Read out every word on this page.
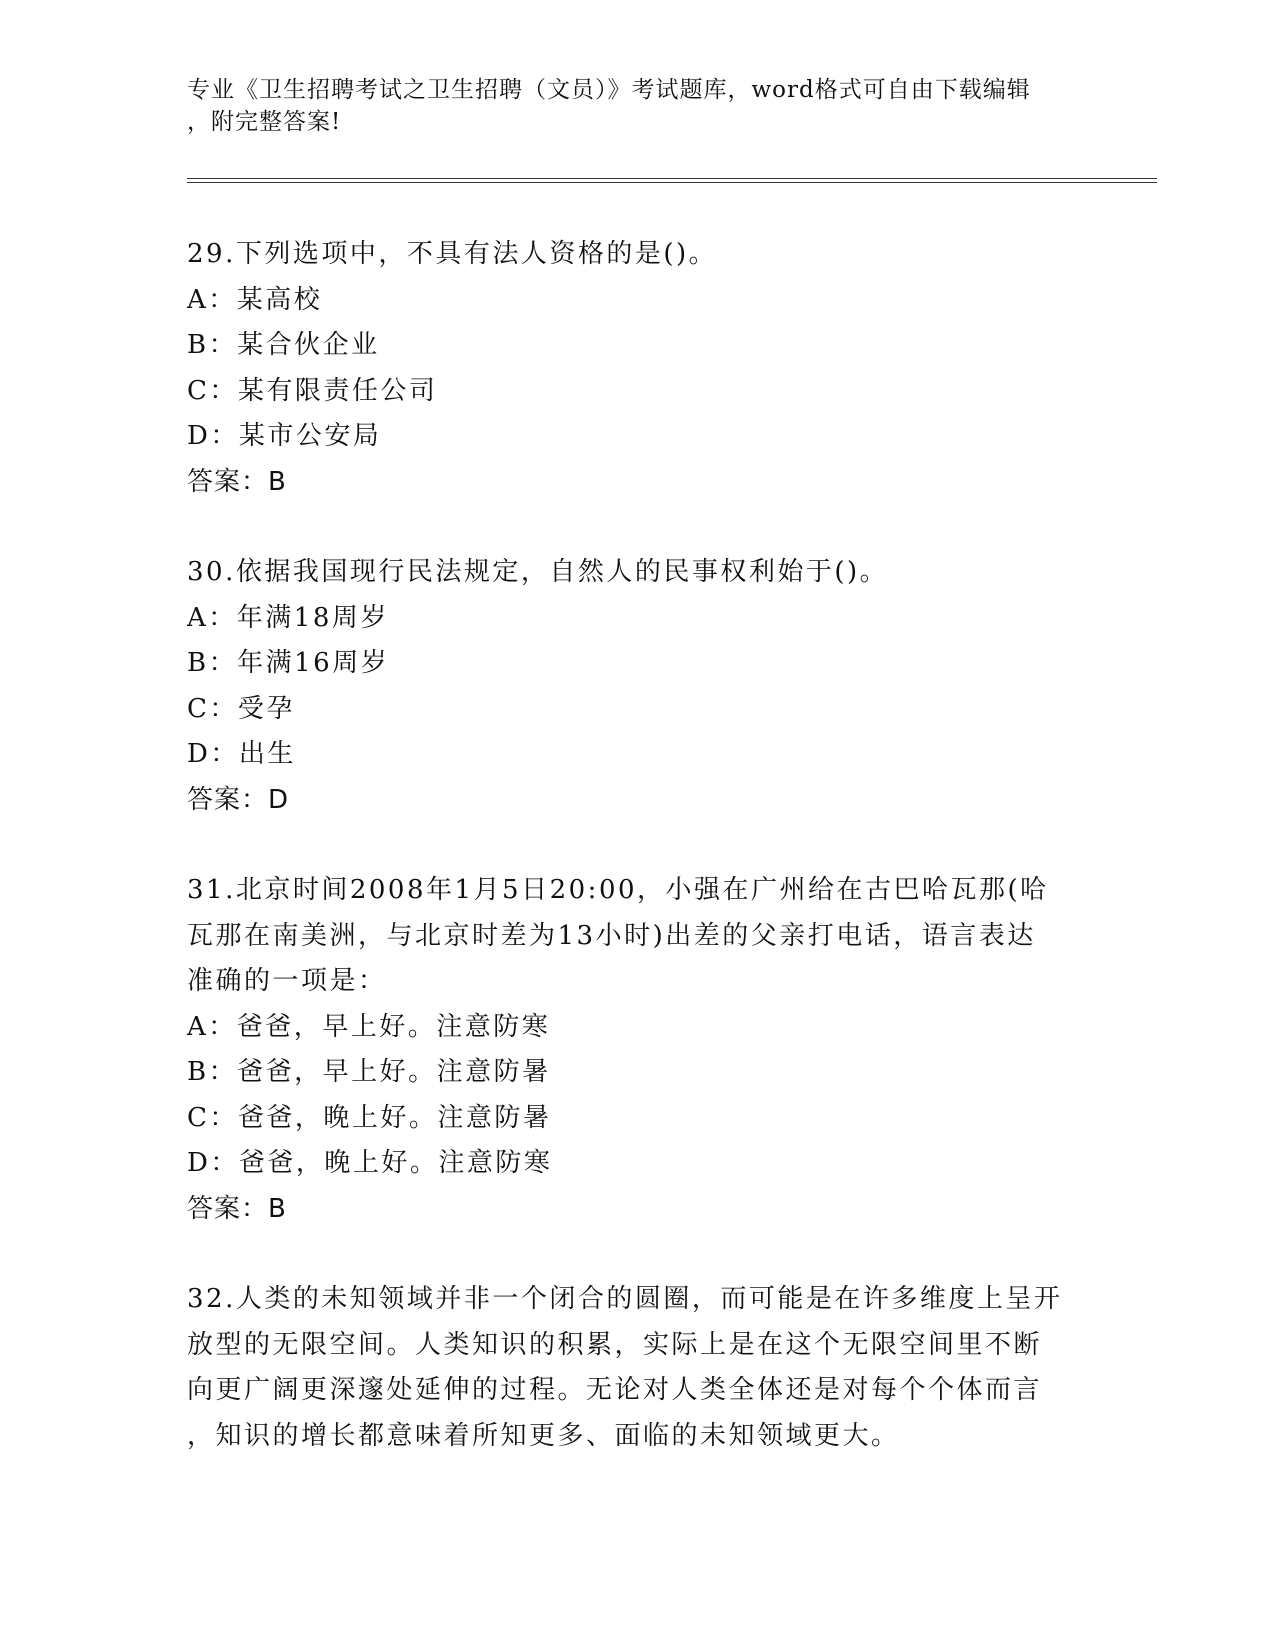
专业《卫生招聘考试之卫生招聘（文员）》考试题库，word格式可自由下载编辑
，附完整答案!
29.下列选项中，不具有法人资格的是()。
A：某高校
B：某合伙企业
C：某有限责任公司
D：某市公安局
答案：B
30.依据我国现行民法规定，自然人的民事权利始于()。
A：年满18周岁
B：年满16周岁
C：受孕
D：出生
答案：D
31.北京时间2008年1月5日20:00，小强在广州给在古巴哈瓦那(哈
瓦那在南美洲，与北京时差为13小时)出差的父亲打电话，语言表达
准确的一项是：
A：爸爸，早上好。注意防寒
B：爸爸，早上好。注意防暑
C：爸爸，晚上好。注意防暑
D：爸爸，晚上好。注意防寒
答案：B
32.人类的未知领域并非一个闭合的圆圈，而可能是在许多维度上呈开
放型的无限空间。人类知识的积累，实际上是在这个无限空间里不断
向更广阔更深邃处延伸的过程。无论对人类全体还是对每个个体而言
，知识的增长都意味着所知更多、面临的未知领域更大。
